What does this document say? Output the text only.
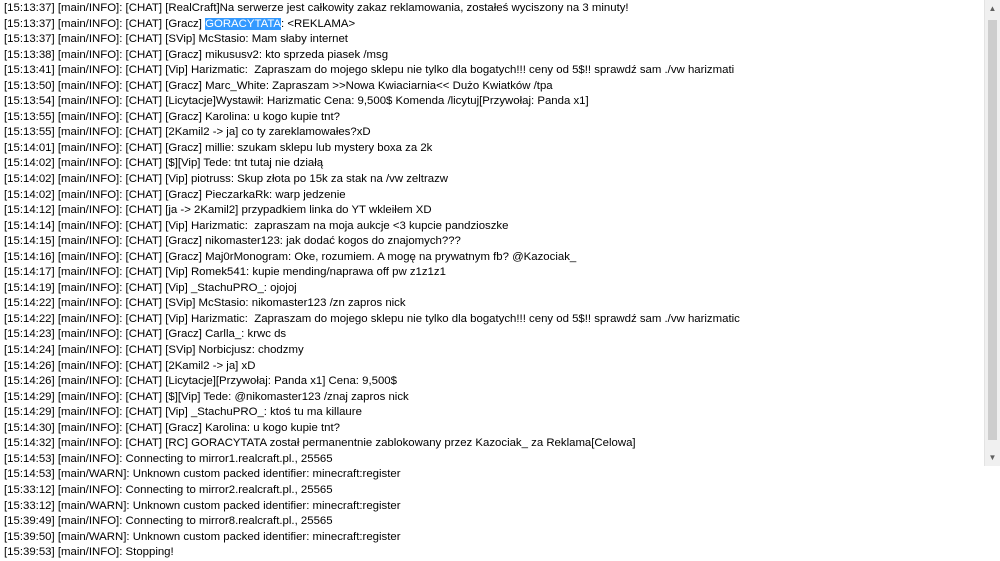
[15:13:37] [main/INFO]: [CHAT] [RealCraft]Na serwerze jest całkowity zakaz reklamowania, zostałeś wyciszony na 3 minuty!
[15:13:37] [main/INFO]: [CHAT] [Gracz] GORACYTATA: <REKLAMA>
[15:13:37] [main/INFO]: [CHAT] [SVip] McStasio: Mam słaby internet
[15:13:38] [main/INFO]: [CHAT] [Gracz] mikususv2: kto sprzeda piasek /msg
[15:13:41] [main/INFO]: [CHAT] [Vip] Harizmatic:  Zapraszam do mojego sklepu nie tylko dla bogatych!!! ceny od 5$!! sprawdź sam ./vw harizmati
[15:13:50] [main/INFO]: [CHAT] [Gracz] Marc_White: Zapraszam >>Nowa Kwiaciarnia<< Dużo Kwiatków /tpa
[15:13:54] [main/INFO]: [CHAT] [Licytacje]Wystawił: Harizmatic Cena: 9,500$ Komenda /licytuj[Przywołaj: Panda x1]
[15:13:55] [main/INFO]: [CHAT] [Gracz] Karolina: u kogo kupie tnt?
[15:13:55] [main/INFO]: [CHAT] [2Kamil2 -> ja] co ty zareklamowałes?xD
[15:14:01] [main/INFO]: [CHAT] [Gracz] millie: szukam sklepu lub mystery boxa za 2k
[15:14:02] [main/INFO]: [CHAT] [$][Vip] Tede: tnt tutaj nie działą
[15:14:02] [main/INFO]: [CHAT] [Vip] piotruss: Skup złota po 15k za stak na /vw zeltrazw
[15:14:02] [main/INFO]: [CHAT] [Gracz] PieczarkaRk: warp jedzenie
[15:14:12] [main/INFO]: [CHAT] [ja -> 2Kamil2] przypadkiem linka do YT wkleiłem XD
[15:14:14] [main/INFO]: [CHAT] [Vip] Harizmatic:  zapraszam na moja aukcje <3 kupcie pandzioszke
[15:14:15] [main/INFO]: [CHAT] [Gracz] nikomaster123: jak dodać kogos do znajomych???
[15:14:16] [main/INFO]: [CHAT] [Gracz] Maj0rMonogram: Oke, rozumiem. A mogę na prywatnym fb? @Kazociak_
[15:14:17] [main/INFO]: [CHAT] [Vip] Romek541: kupie mending/naprawa off pw z1z1z1
[15:14:19] [main/INFO]: [CHAT] [Vip] _StachuPRO_: ojojoj
[15:14:22] [main/INFO]: [CHAT] [SVip] McStasio: nikomaster123 /zn zapros nick
[15:14:22] [main/INFO]: [CHAT] [Vip] Harizmatic:  Zapraszam do mojego sklepu nie tylko dla bogatych!!! ceny od 5$!! sprawdź sam ./vw harizmatic
[15:14:23] [main/INFO]: [CHAT] [Gracz] Carlla_: krwc ds
[15:14:24] [main/INFO]: [CHAT] [SVip] Norbicjusz: chodzmy
[15:14:26] [main/INFO]: [CHAT] [2Kamil2 -> ja] xD
[15:14:26] [main/INFO]: [CHAT] [Licytacje][Przywołaj: Panda x1] Cena: 9,500$
[15:14:29] [main/INFO]: [CHAT] [$][Vip] Tede: @nikomaster123 /znaj zapros nick
[15:14:29] [main/INFO]: [CHAT] [Vip] _StachuPRO_: ktoś tu ma killaure
[15:14:30] [main/INFO]: [CHAT] [Gracz] Karolina: u kogo kupie tnt?
[15:14:32] [main/INFO]: [CHAT] [RC] GORACYTATA został permanentnie zablokowany przez Kazociak_ za Reklama[Celowa]
[15:14:53] [main/INFO]: Connecting to mirror1.realcraft.pl., 25565
[15:14:53] [main/WARN]: Unknown custom packed identifier: minecraft:register
[15:33:12] [main/INFO]: Connecting to mirror2.realcraft.pl., 25565
[15:33:12] [main/WARN]: Unknown custom packed identifier: minecraft:register
[15:39:49] [main/INFO]: Connecting to mirror8.realcraft.pl., 25565
[15:39:50] [main/WARN]: Unknown custom packed identifier: minecraft:register
[15:39:53] [main/INFO]: Stopping!
▲
▼
